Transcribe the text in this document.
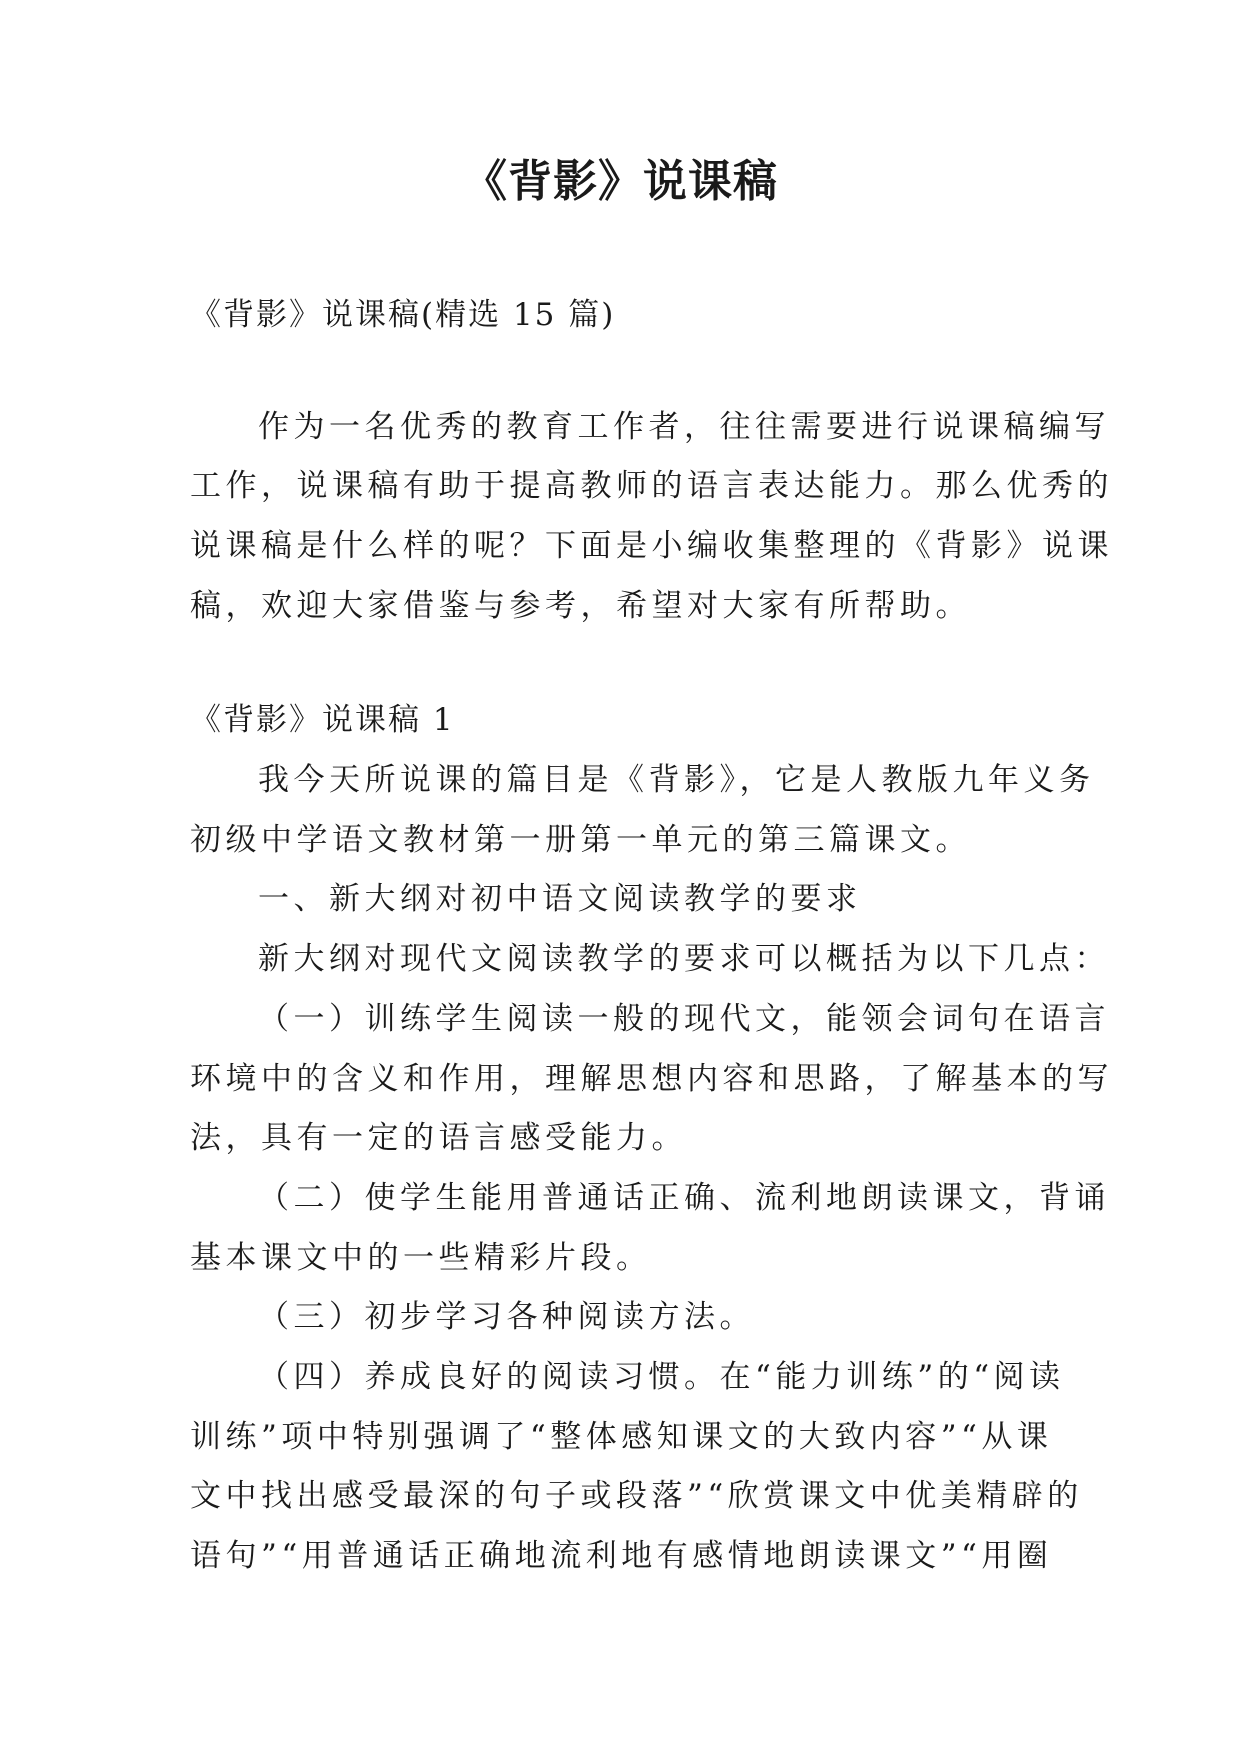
《背影》说课稿
《背影》说课稿(精选 15 篇)
作为一名优秀的教育工作者，往往需要进行说课稿编写
工作，说课稿有助于提高教师的语言表达能力。那么优秀的
说课稿是什么样的呢？下面是小编收集整理的《背影》说课
稿，欢迎大家借鉴与参考，希望对大家有所帮助。
《背影》说课稿 1
我今天所说课的篇目是《背影》，它是人教版九年义务
初级中学语文教材第一册第一单元的第三篇课文。
一、新大纲对初中语文阅读教学的要求
新大纲对现代文阅读教学的要求可以概括为以下几点：
（一）训练学生阅读一般的现代文，能领会词句在语言
环境中的含义和作用，理解思想内容和思路，了解基本的写
法，具有一定的语言感受能力。
（二）使学生能用普通话正确、流利地朗读课文，背诵
基本课文中的一些精彩片段。
（三）初步学习各种阅读方法。
（四）养成良好的阅读习惯。在“能力训练”的“阅读
训练”项中特别强调了“整体感知课文的大致内容”“从课
文中找出感受最深的句子或段落”“欣赏课文中优美精辟的
语句”“用普通话正确地流利地有感情地朗读课文”“用圈
